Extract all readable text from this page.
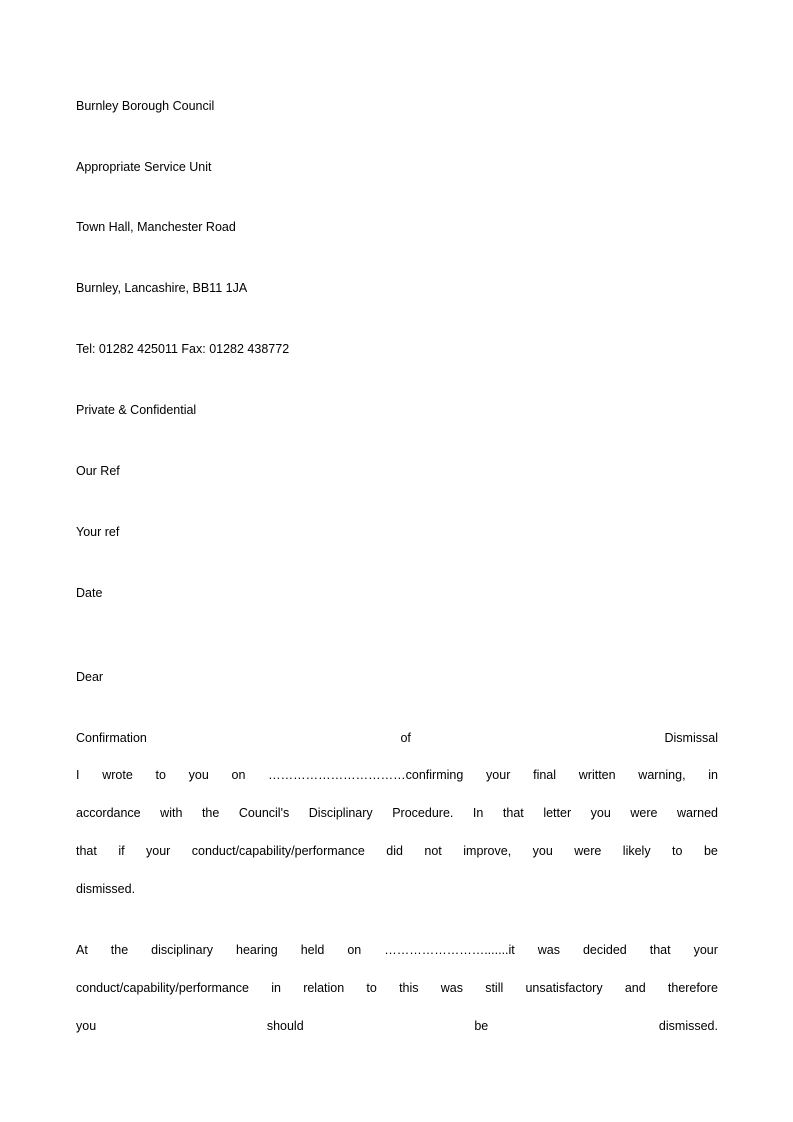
Burnley Borough Council
Appropriate Service Unit
Town Hall, Manchester Road
Burnley, Lancashire, BB11 1JA
Tel: 01282 425011 Fax: 01282 438772
Private & Confidential
Our Ref
Your ref
Date
Dear
Confirmation	of	Dismissal
I wrote to you on ……………………………confirming your final written warning, in
accordance with the Council's Disciplinary Procedure. In that letter you were warned
that if your conduct/capability/performance did not improve, you were likely to be
dismissed.
At the disciplinary hearing held on …………………….......it was decided that your
conduct/capability/performance in relation to this was still unsatisfactory and therefore
you	should	be	dismissed.
